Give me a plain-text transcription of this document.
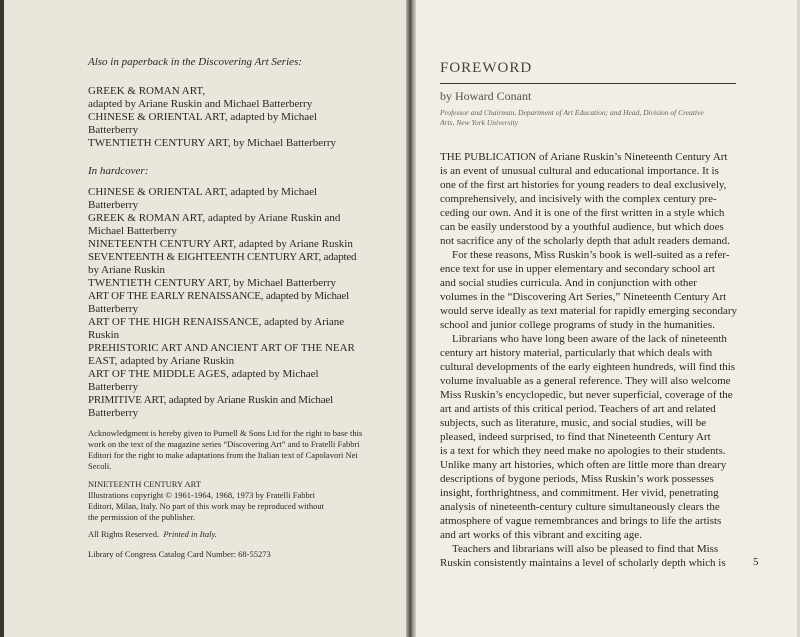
Also in paperback in the Discovering Art Series:

GREEK & ROMAN ART,

adapted by Ariane Ruskin and Michael Batterberry

CHINESE & ORIENTAL ART, adapted by Michael

Batterberry

TWENTIETH CENTURY ART, by Michael Batterberry

In hardcover:

CHINESE & ORIENTAL ART, adapted by Michael

Batterberry

GREEK & ROMAN ART, adapted by Ariane Ruskin and

Michael Batterberry

NINETEENTH CENTURY ART, adapted by Ariane Ruskin

SEVENTEENTH & EIGHTEENTH CENTURY ART, adapted

by Ariane Ruskin

TWENTIETH CENTURY ART, by Michael Batterberry

ART OF THE EARLY RENAISSANCE, adapted by Michael

Batterberry

ART OF THE HIGH RENAISSANCE, adapted by Ariane

Ruskin

PREHISTORIC ART AND ANCIENT ART OF THE NEAR

EAST, adapted by Ariane Ruskin

ART OF THE MIDDLE AGES, adapted by Michael

Batterberry

PRIMITIVE ART, adapted by Ariane Ruskin and Michael

Batterberry

Acknowledgment is hereby given to Purnell & Sons Ltd for the right to base this

work on the text of the magazine series “Discovering Art” and to Fratelli Fabbri

Editori for the right to make adaptations from the Italian text of Capolavori Nei

Secoli.

NINETEENTH CENTURY ART

Illustrations copyright © 1961-1964, 1968, 1973 by Fratelli Fabbri

Editori, Milan, Italy. No part of this work may be reproduced without

the permission of the publisher.

All Rights Reserved. Printed in Italy.

Library of Congress Catalog Card Number: 68-55273

FOREWORD

by Howard Conant

Professor and Chairman, Department of Art Education; and Head, Division of Creative

Arts, New York University

THE PUBLICATION of Ariane Ruskin’s Nineteenth Century Art

is an event of unusual cultural and educational importance. It is

one of the first art histories for young readers to deal exclusively,

comprehensively, and incisively with the complex century pre-

ceding our own. And it is one of the first written in a style which

can be easily understood by a youthful audience, but which does

not sacrifice any of the scholarly depth that adult readers demand.

For these reasons, Miss Ruskin’s book is well-suited as a refer-

ence text for use in upper elementary and secondary school art

and social studies curricula. And in conjunction with other

volumes in the “Discovering Art Series,” Nineteenth Century Art

would serve ideally as text material for rapidly emerging secondary

school and junior college programs of study in the humanities.

Librarians who have long been aware of the lack of nineteenth

century art history material, particularly that which deals with

cultural developments of the early eighteen hundreds, will find this

volume invaluable as a general reference. They will also welcome

Miss Ruskin’s encyclopedic, but never superficial, coverage of the

art and artists of this critical period. Teachers of art and related

subjects, such as literature, music, and social studies, will be

pleased, indeed surprised, to find that Nineteenth Century Art

is a text for which they need make no apologies to their students.

Unlike many art histories, which often are little more than dreary

descriptions of bygone periods, Miss Ruskin’s work possesses

insight, forthrightness, and commitment. Her vivid, penetrating

analysis of nineteenth-century culture simultaneously clears the

atmosphere of vague remembrances and brings to life the artists

and art works of this vibrant and exciting age.

Teachers and librarians will also be pleased to find that Miss

Ruskin consistently maintains a level of scholarly depth which is 5
